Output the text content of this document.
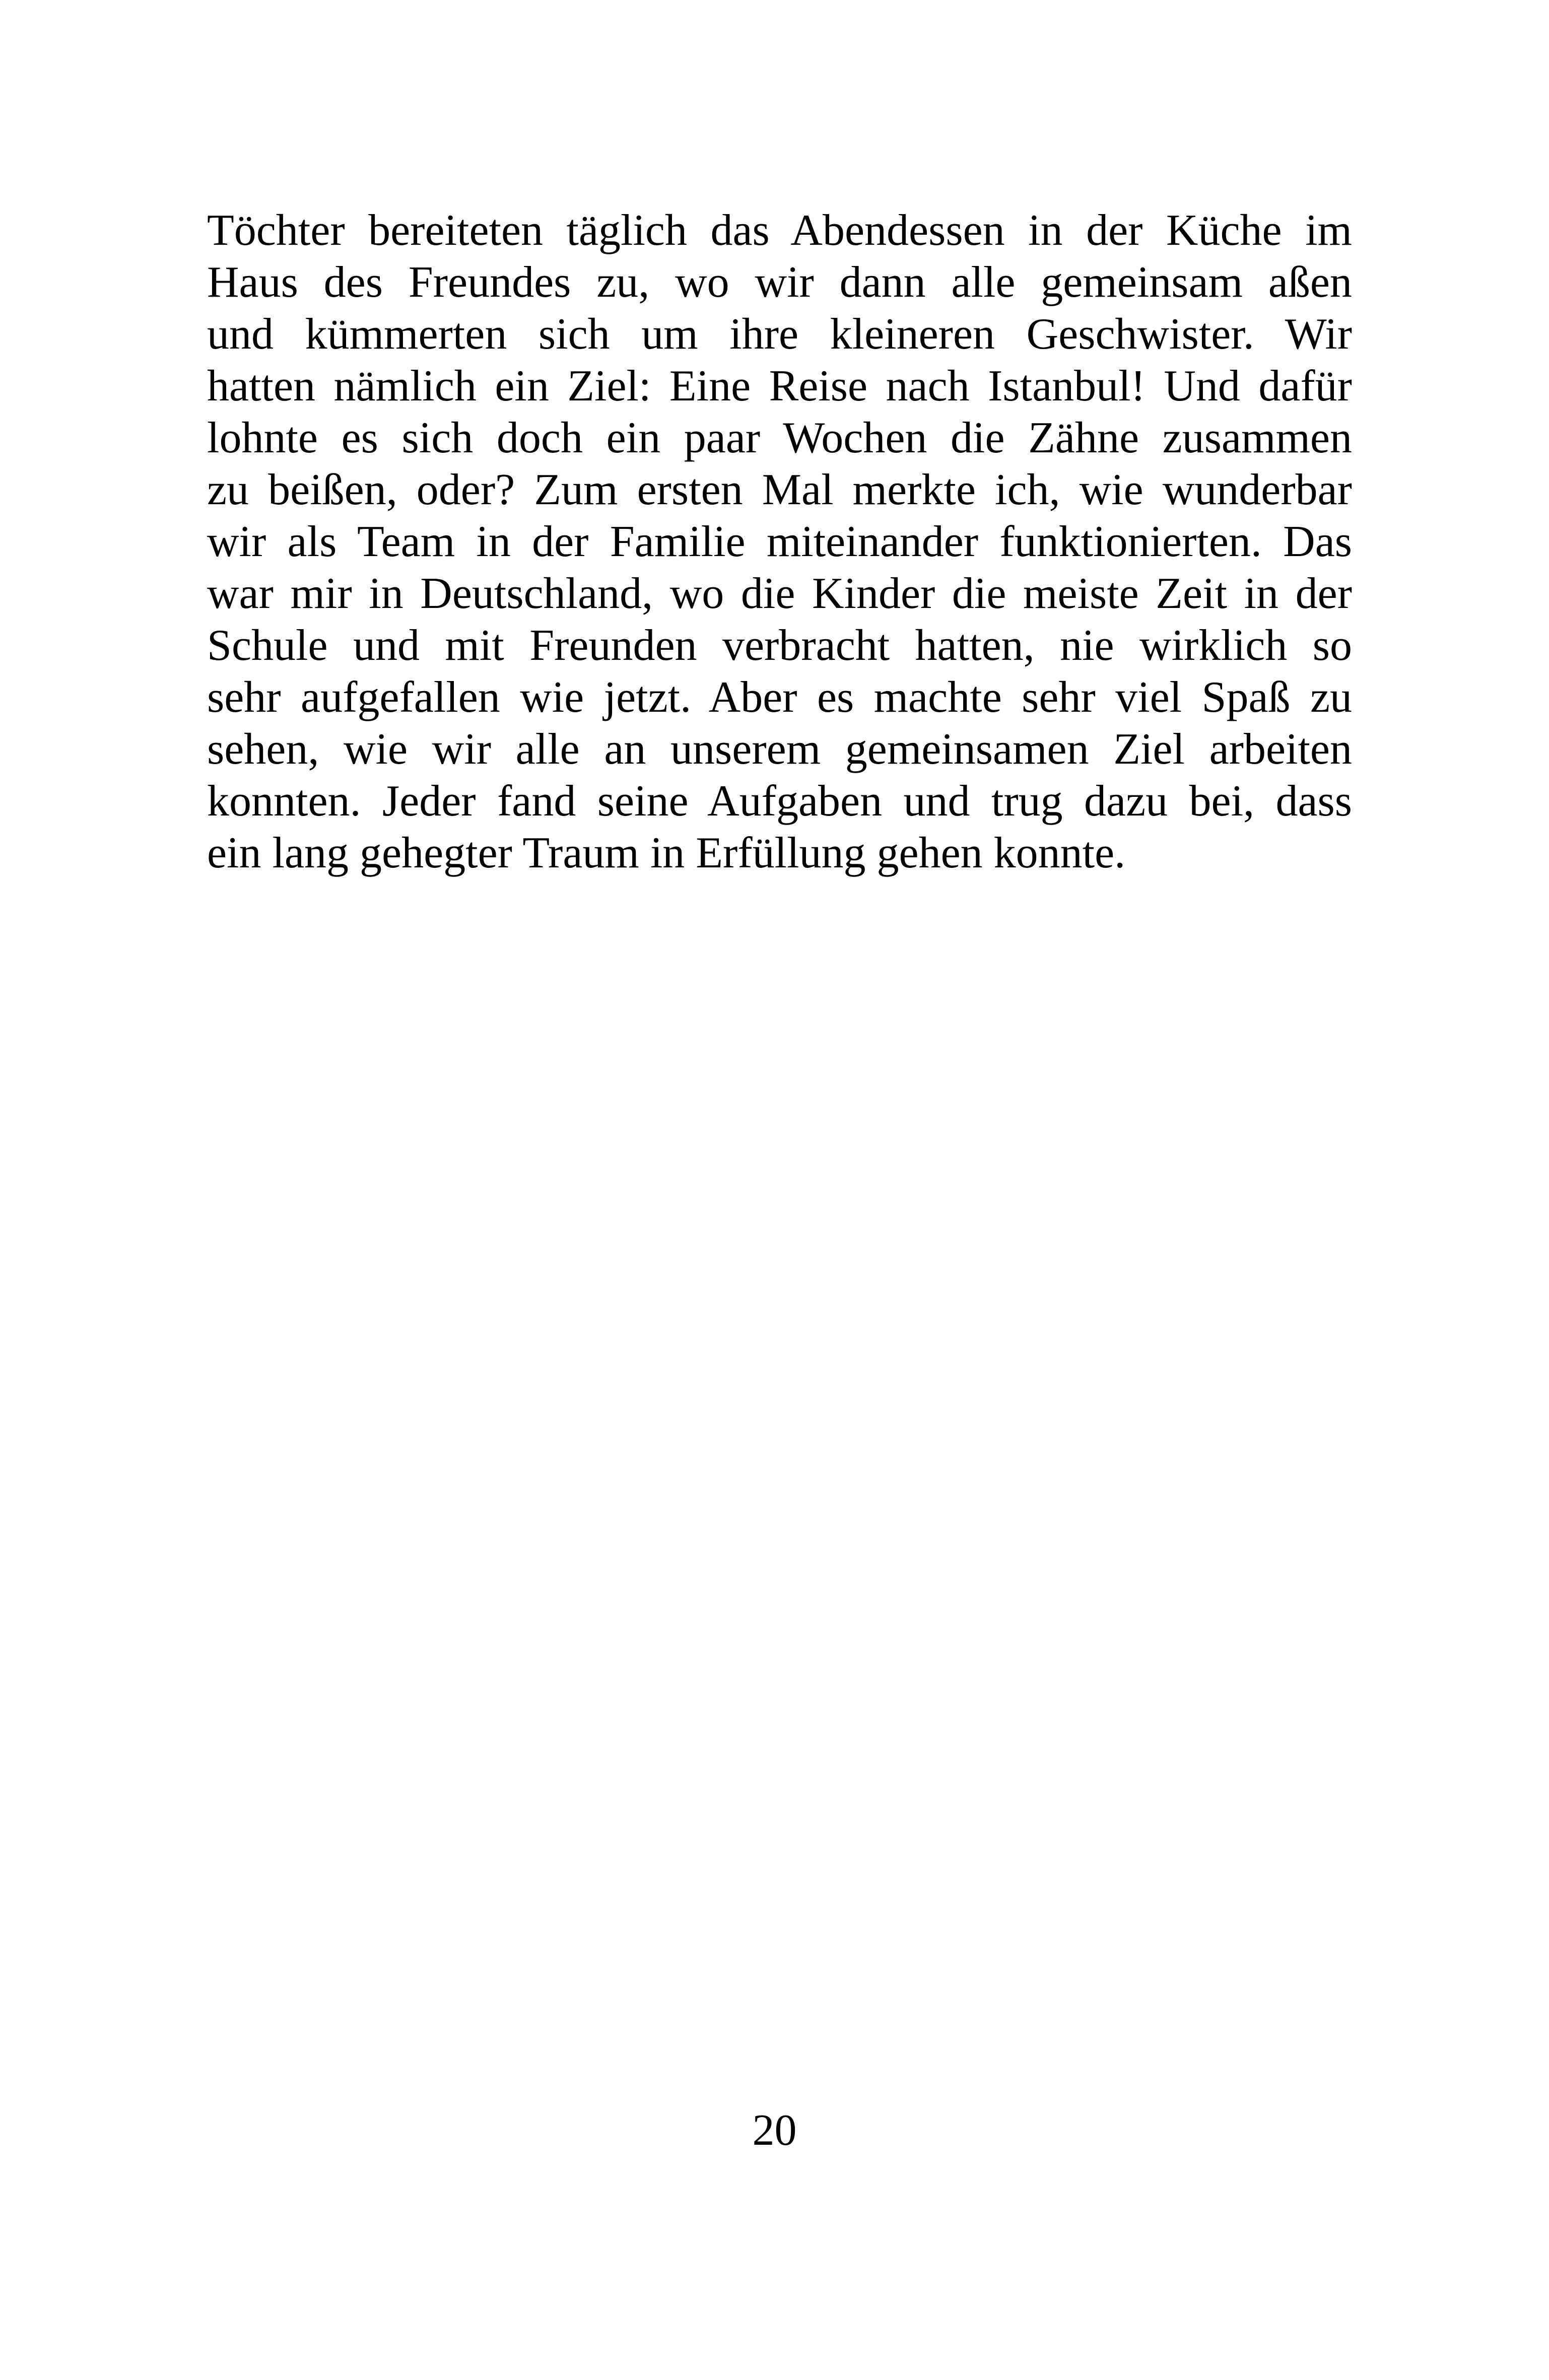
Töchter bereiteten täglich das Abendessen in der Küche im
Haus des Freundes zu, wo wir dann alle gemeinsam aßen
und kümmerten sich um ihre kleineren Geschwister. Wir
hatten nämlich ein Ziel: Eine Reise nach Istanbul! Und dafür
lohnte es sich doch ein paar Wochen die Zähne zusammen
zu beißen, oder? Zum ersten Mal merkte ich, wie wunderbar
wir als Team in der Familie miteinander funktionierten. Das
war mir in Deutschland, wo die Kinder die meiste Zeit in der
Schule und mit Freunden verbracht hatten, nie wirklich so
sehr aufgefallen wie jetzt. Aber es machte sehr viel Spaß zu
sehen, wie wir alle an unserem gemeinsamen Ziel arbeiten
konnten. Jeder fand seine Aufgaben und trug dazu bei, dass
ein lang gehegter Traum in Erfüllung gehen konnte.
20
